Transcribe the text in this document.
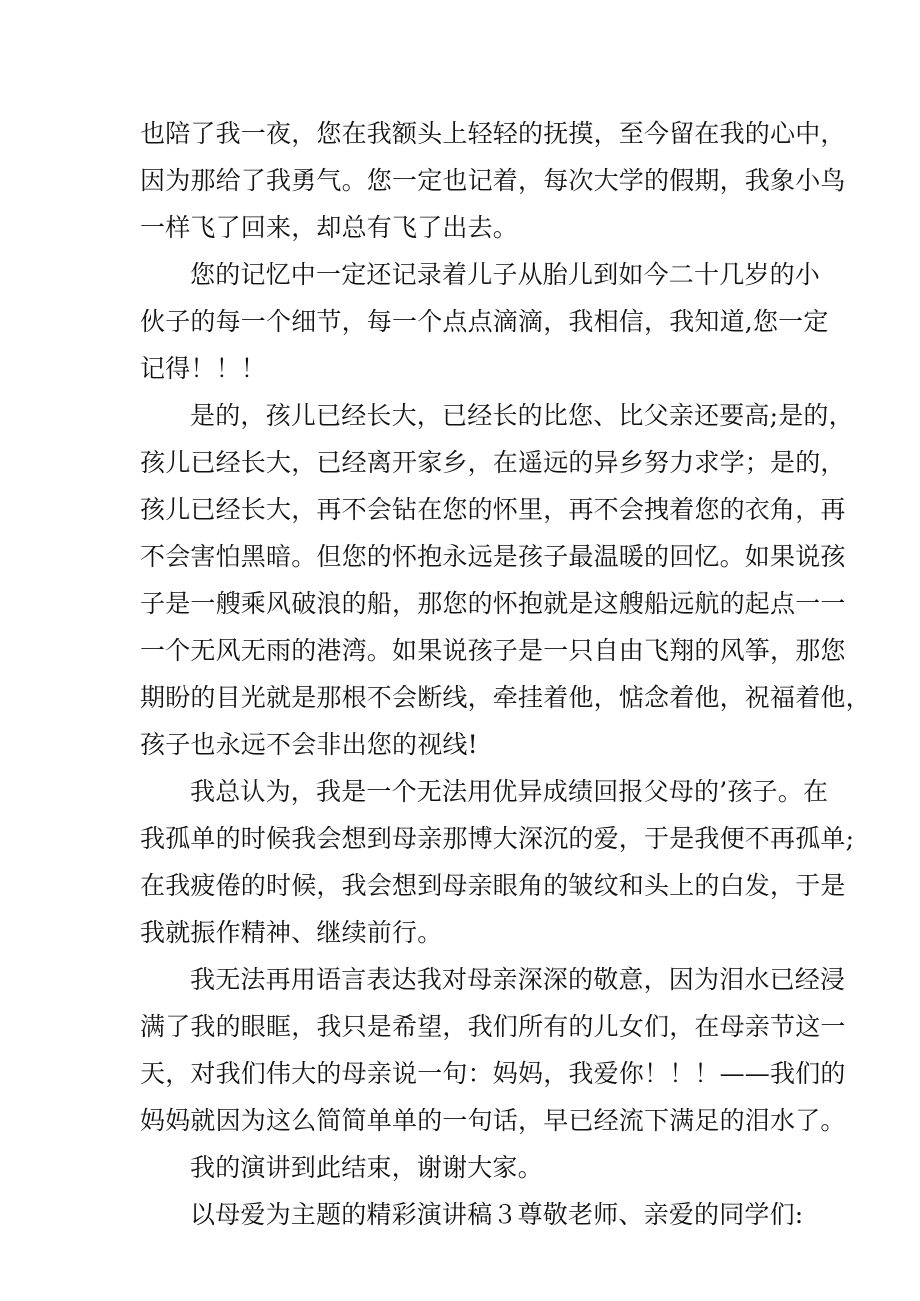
也陪了我一夜，您在我额头上轻轻的抚摸，至今留在我的心中，
因为那给了我勇气。您一定也记着，每次大学的假期，我象小鸟
一样飞了回来，却总有飞了出去。
您的记忆中一定还记录着儿子从胎儿到如今二十几岁的小
伙子的每一个细节，每一个点点滴滴，我相信，我知道,您一定
记得！！！
是的，孩儿已经长大，已经长的比您、比父亲还要高;是的，
孩儿已经长大，已经离开家乡，在遥远的异乡努力求学；是的，
孩儿已经长大，再不会钻在您的怀里，再不会拽着您的衣角，再
不会害怕黑暗。但您的怀抱永远是孩子最温暖的回忆。如果说孩
子是一艘乘风破浪的船，那您的怀抱就是这艘船远航的起点一一
一个无风无雨的港湾。如果说孩子是一只自由飞翔的风筝，那您
期盼的目光就是那根不会断线，牵挂着他，惦念着他，祝福着他，
孩子也永远不会非出您的视线!
我总认为，我是一个无法用优异成绩回报父母的’孩子。在
我孤单的时候我会想到母亲那博大深沉的爱，于是我便不再孤单;
在我疲倦的时候，我会想到母亲眼角的皱纹和头上的白发，于是
我就振作精神、继续前行。
我无法再用语言表达我对母亲深深的敬意，因为泪水已经浸
满了我的眼眶，我只是希望，我们所有的儿女们，在母亲节这一
天，对我们伟大的母亲说一句：妈妈，我爱你！！！——我们的
妈妈就因为这么简简单单的一句话，早已经流下满足的泪水了。
我的演讲到此结束，谢谢大家。
以母爱为主题的精彩演讲稿３尊敬老师、亲爱的同学们:
